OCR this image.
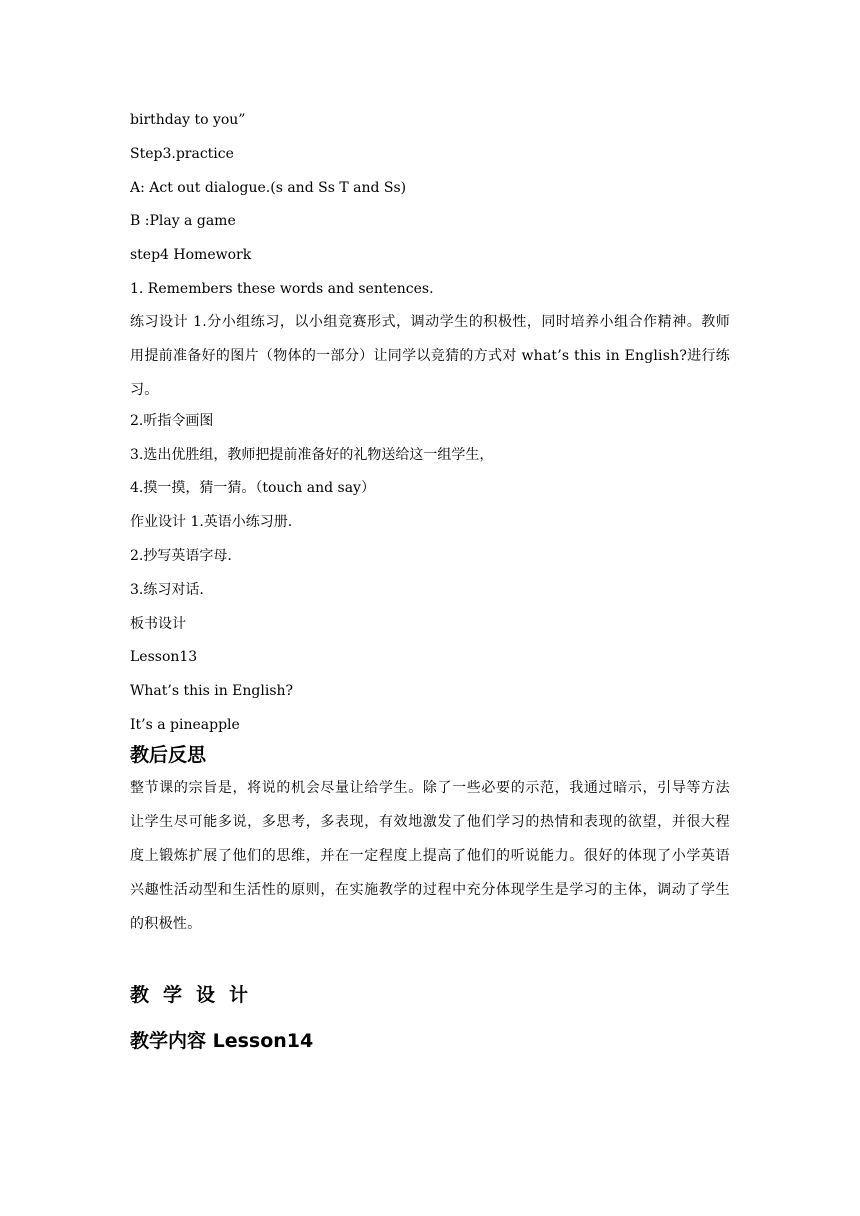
birthday to you”
Step3.practice
A: Act out dialogue.(s and Ss T and Ss)
B :Play a game
step4 Homework
1. Remembers these words and sentences.

练习设计 1.分小组练习，以小组竞赛形式，调动学生的积极性，同时培养小组合作精神。教师用提前准备好的图片（物体的一部分）让同学以竞猜的方式对 what’s this in English?进行练习。

2.听指令画图
3.选出优胜组，教师把提前准备好的礼物送给这一组学生，
4.摸一摸，猜一猜。（touch and say）
作业设计 1.英语小练习册.
2.抄写英语字母.
3.练习对话.
板书设计
Lesson13
What’s this in English?
It’s a pineapple
教后反思

整节课的宗旨是，将说的机会尽量让给学生。除了一些必要的示范，我通过暗示，引导等方法让学生尽可能多说，多思考，多表现，有效地激发了他们学习的热情和表现的欲望，并很大程度上锻炼扩展了他们的思维，并在一定程度上提高了他们的听说能力。很好的体现了小学英语兴趣性活动型和生活性的原则，在实施教学的过程中充分体现学生是学习的主体，调动了学生的积极性。

教学设计
教学内容 Lesson14
